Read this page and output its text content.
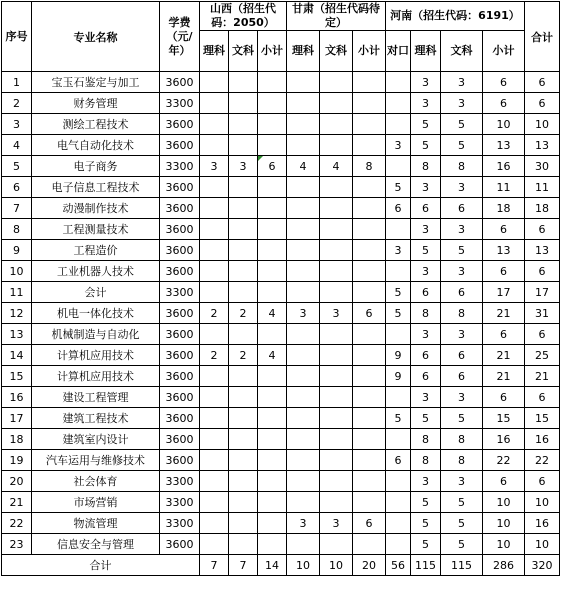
序号	专业名称	学费（元/年）	山西（招生代码：2050）			甘肃（招生代码待定）			河南（招生代码：6191）				合计
			理科	文科	小计	理科	文科	小计	对口	理科	文科	小计	
1	宝玉石鉴定与加工	3600								3	3	6	6
2	财务管理	3300								3	3	6	6
3	测绘工程技术	3600								5	5	10	10
4	电气自动化技术	3600							3	5	5	13	13
5	电子商务	3300	3	3	6	4	4	8		8	8	16	30
6	电子信息工程技术	3600							5	3	3	11	11
7	动漫制作技术	3600							6	6	6	18	18
8	工程测量技术	3600								3	3	6	6
9	工程造价	3600							3	5	5	13	13
10	工业机器人技术	3600								3	3	6	6
11	会计	3300							5	6	6	17	17
12	机电一体化技术	3600	2	2	4	3	3	6	5	8	8	21	31
13	机械制造与自动化	3600								3	3	6	6
14	计算机应用技术	3600	2	2	4				9	6	6	21	25
15	计算机应用技术	3600							9	6	6	21	21
16	建设工程管理	3600								3	3	6	6
17	建筑工程技术	3600							5	5	5	15	15
18	建筑室内设计	3600								8	8	16	16
19	汽车运用与维修技术	3600							6	8	8	22	22
20	社会体育	3300								3	3	6	6
21	市场营销	3300								5	5	10	10
22	物流管理	3300				3	3	6		5	5	10	16
23	信息安全与管理	3600								5	5	10	10
合计			7	7	14	10	10	20	56	115	115	286	320
